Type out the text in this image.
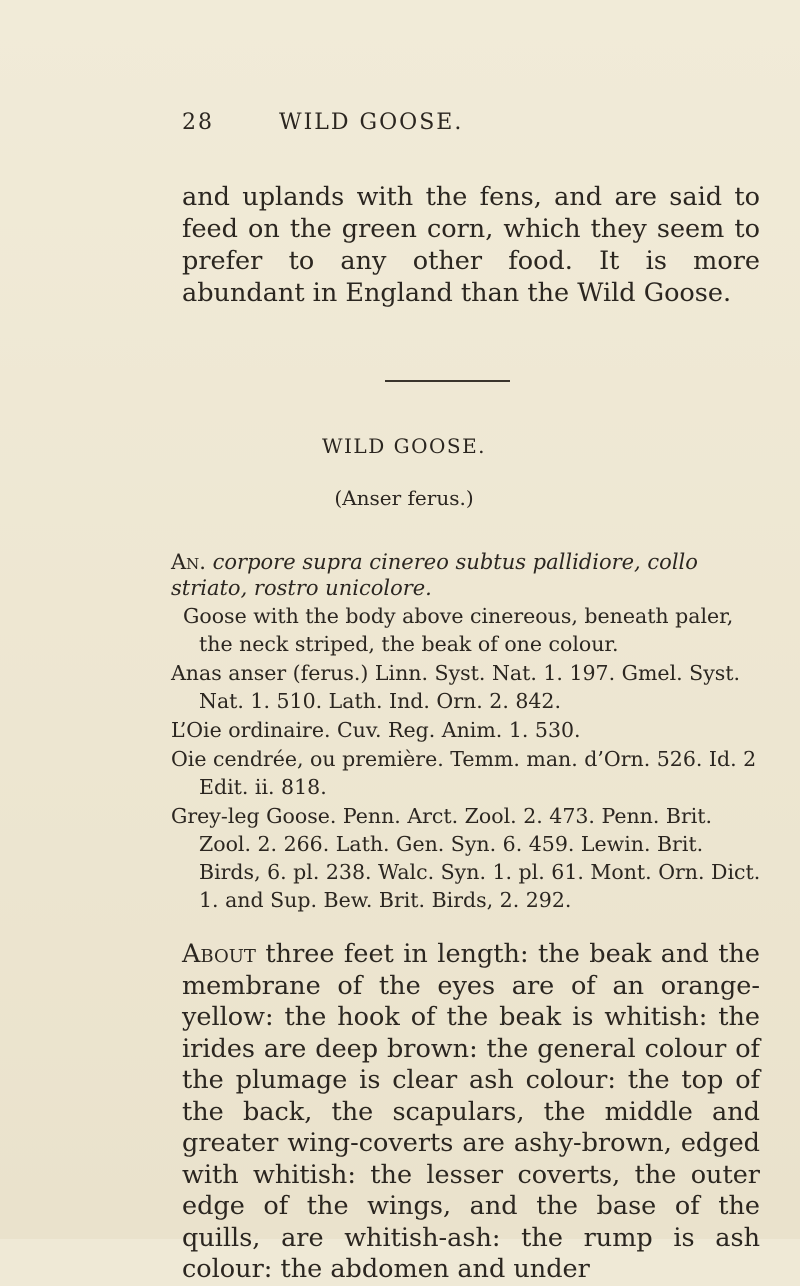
28	WILD GOOSE.

and uplands with the fens, and are said to feed on the green corn, which they seem to prefer to any other food. It is more abundant in England than the Wild Goose.

WILD GOOSE.
(Anser ferus.)

An. corpore supra cinereo subtus pallidiore, collo striato, rostro unicolore.

Goose with the body above cinereous, beneath paler, the neck striped, the beak of one colour.
Anas anser (ferus.) Linn. Syst. Nat. 1. 197. Gmel. Syst. Nat. 1. 510. Lath. Ind. Orn. 2. 842.
L’Oie ordinaire. Cuv. Reg. Anim. 1. 530.
Oie cendrée, ou première. Temm. man. d’Orn. 526. Id. 2 Edit. ii. 818.
Grey-leg Goose. Penn. Arct. Zool. 2. 473. Penn. Brit. Zool. 2. 266. Lath. Gen. Syn. 6. 459. Lewin. Brit. Birds, 6. pl. 238. Walc. Syn. 1. pl. 61. Mont. Orn. Dict. 1. and Sup. Bew. Brit. Birds, 2. 292.

About three feet in length: the beak and the membrane of the eyes are of an orange-yellow: the hook of the beak is whitish: the irides are deep brown: the general colour of the plumage is clear ash colour: the top of the back, the scapulars, the middle and greater wing-coverts are ashy-brown, edged with whitish: the lesser coverts, the outer edge of the wings, and the base of the quills, are whitish-ash: the rump is ash colour: the abdomen and under
